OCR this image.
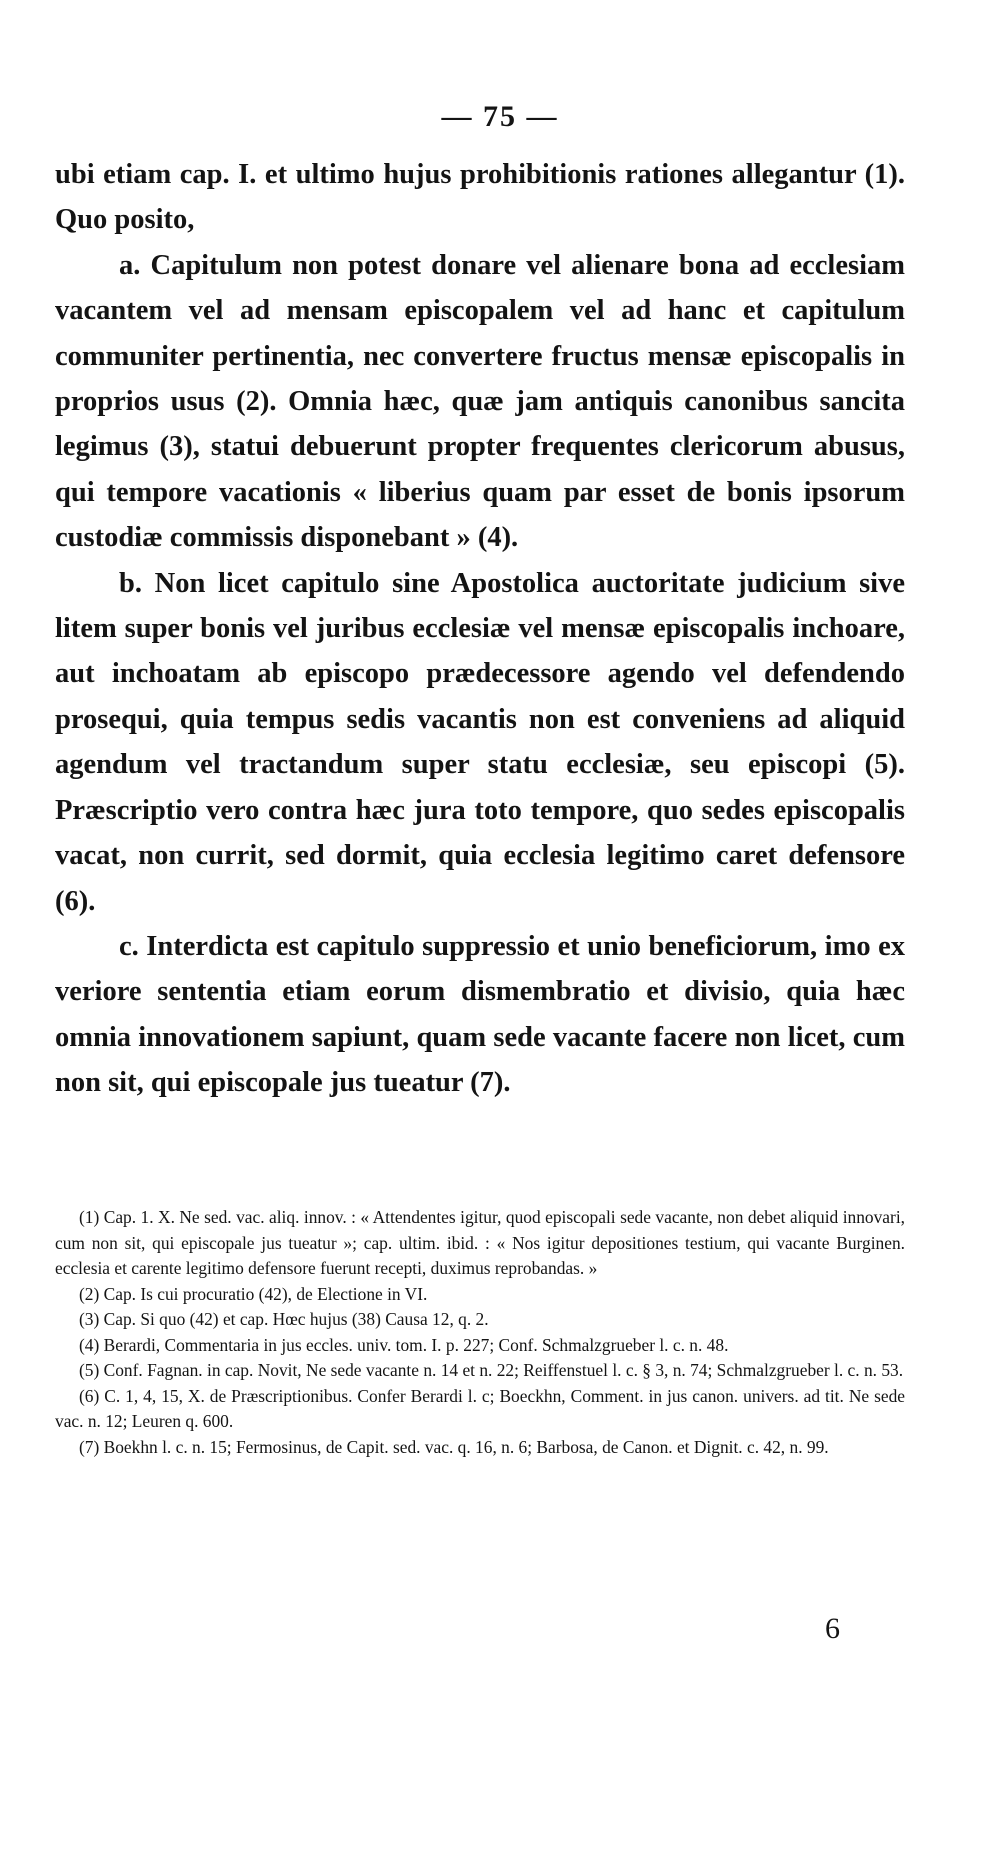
— 75 —

ubi etiam cap. I. et ultimo hujus prohibitionis rationes allegantur (1). Quo posito,

a. Capitulum non potest donare vel alienare bona ad ecclesiam vacantem vel ad mensam episcopalem vel ad hanc et capitulum communiter pertinentia, nec convertere fructus mensæ episcopalis in proprios usus (2). Omnia hæc, quæ jam antiquis canonibus sancita legimus (3), statui debuerunt propter frequentes clericorum abusus, qui tempore vacationis « liberius quam par esset de bonis ipsorum custodiæ commissis disponebant » (4).

b. Non licet capitulo sine Apostolica auctoritate judicium sive litem super bonis vel juribus ecclesiæ vel mensæ episcopalis inchoare, aut inchoatam ab episcopo prædecessore agendo vel defendendo prosequi, quia tempus sedis vacantis non est conveniens ad aliquid agendum vel tractandum super statu ecclesiæ, seu episcopi (5). Præscriptio vero contra hæc jura toto tempore, quo sedes episcopalis vacat, non currit, sed dormit, quia ecclesia legitimo caret defensore (6).

c. Interdicta est capitulo suppressio et unio beneficiorum, imo ex veriore sententia etiam eorum dismembratio et divisio, quia hæc omnia innovationem sapiunt, quam sede vacante facere non licet, cum non sit, qui episcopale jus tueatur (7).

(1) Cap. 1. X. Ne sed. vac. aliq. innov. : « Attendentes igitur, quod episcopali sede vacante, non debet aliquid innovari, cum non sit, qui episcopale jus tueatur »; cap. ultim. ibid. : « Nos igitur depositiones testium, qui vacante Burginen. ecclesia et carente legitimo defensore fuerunt recepti, duximus reprobandas. »

(2) Cap. Is cui procuratio (42), de Electione in VI.

(3) Cap. Si quo (42) et cap. Hœc hujus (38) Causa 12, q. 2.

(4) Berardi, Commentaria in jus eccles. univ. tom. I. p. 227; Conf. Schmalzgrueber l. c. n. 48.

(5) Conf. Fagnan. in cap. Novit, Ne sede vacante n. 14 et n. 22; Reiffenstuel l. c. § 3, n. 74; Schmalzgrueber l. c. n. 53.

(6) C. 1, 4, 15, X. de Præscriptionibus. Confer Berardi l. c; Boeckhn, Comment. in jus canon. univers. ad tit. Ne sede vac. n. 12; Leuren q. 600.

(7) Boekhn l. c. n. 15; Fermosinus, de Capit. sed. vac. q. 16, n. 6; Barbosa, de Canon. et Dignit. c. 42, n. 99.

6
